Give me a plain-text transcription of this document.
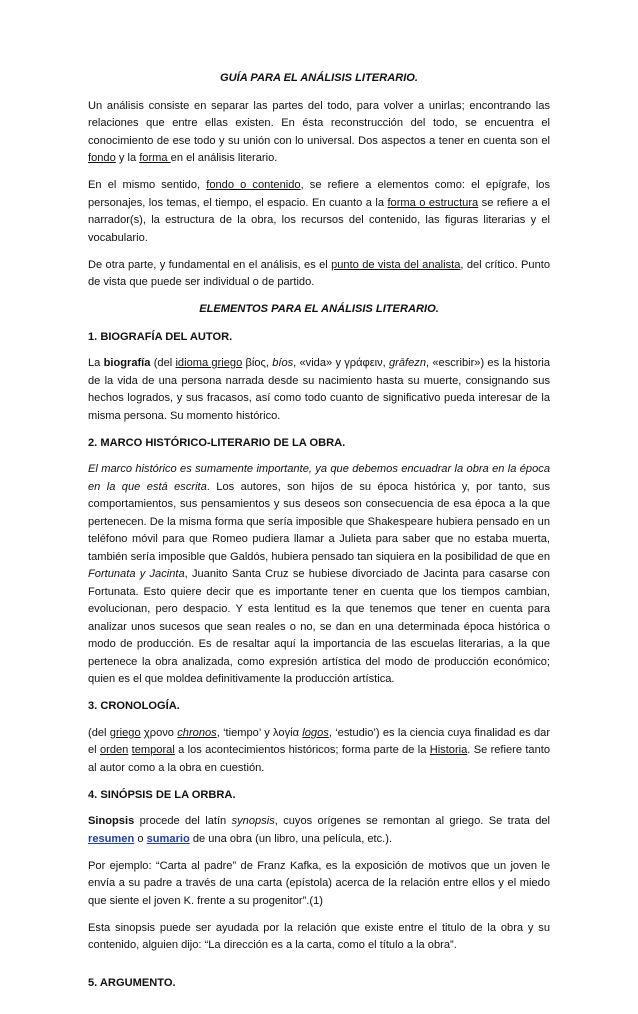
GUÍA PARA EL ANÁLISIS LITERARIO.

Un análisis consiste en separar las partes del todo, para volver a unirlas; encontrando las relaciones que entre ellas existen. En ésta reconstrucción del todo, se encuentra el conocimiento de ese todo y su unión con lo universal. Dos aspectos a tener en cuenta son el fondo y la forma en el análisis literario.

En el mismo sentido, fondo o contenido, se refiere a elementos como: el epígrafe, los personajes, los temas, el tiempo, el espacio. En cuanto a la forma o estructura se refiere a el narrador(s), la estructura de la obra, los recursos del contenido, las figuras literarias y el vocabulario.

De otra parte, y fundamental en el análisis, es el punto de vista del analista, del crítico. Punto de vista que puede ser individual o de partido.

ELEMENTOS PARA EL ANÁLISIS LITERARIO.

1. BIOGRAFÍA DEL AUTOR.

La biografía (del idioma griego βίος, bíos, «vida» y γράφειν, grāfezn, «escribir») es la historia de la vida de una persona narrada desde su nacimiento hasta su muerte, consignando sus hechos logrados, y sus fracasos, así como todo cuanto de significativo pueda interesar de la misma persona. Su momento histórico.

2. MARCO HISTÓRICO-LITERARIO DE LA OBRA.

El marco histórico es sumamente importante, ya que debemos encuadrar la obra en la época en la que está escrita. Los autores, son hijos de su época histórica y, por tanto, sus comportamientos, sus pensamientos y sus deseos son consecuencia de esa época a la que pertenecen. De la misma forma que sería imposible que Shakespeare hubiera pensado en un teléfono móvil para que Romeo pudiera llamar a Julieta para saber que no estaba muerta, también sería imposible que Galdós, hubiera pensado tan siquiera en la posibilidad de que en Fortunata y Jacinta, Juanito Santa Cruz se hubiese divorciado de Jacinta para casarse con Fortunata. Esto quiere decir que es importante tener en cuenta que los tiempos cambian, evolucionan, pero despacio. Y esta lentitud es la que tenemos que tener en cuenta para analizar unos sucesos que sean reales o no, se dan en una determinada época histórica o modo de producción. Es de resaltar aquí la importancia de las escuelas literarias, a la que pertenece la obra analizada, como expresión artística del modo de producción económico; quien es el que moldea definitivamente la producción artística.

3. CRONOLOGÍA.

(del griego χρονο chronos, ‘tiempo’ y λογία logos, ‘estudio’) es la ciencia cuya finalidad es dar el orden temporal a los acontecimientos históricos; forma parte de la Historia. Se refiere tanto al autor como a la obra en cuestión.

4. SINÓPSIS DE LA ORBRA.

Sinopsis procede del latín synopsis, cuyos orígenes se remontan al griego. Se trata del resumen o sumario de una obra (un libro, una película, etc.).

Por ejemplo: “Carta al padre” de Franz Kafka, es la exposición de motivos que un joven le envía a su padre a través de una carta (epístola) acerca de la relación entre ellos y el miedo que siente el joven K. frente a su progenitor”.(1)

Esta sinopsis puede ser ayudada por la relación que existe entre el titulo de la obra y su contenido, alguien dijo: “La dirección es a la carta, como el título a la obra”.

5. ARGUMENTO.
